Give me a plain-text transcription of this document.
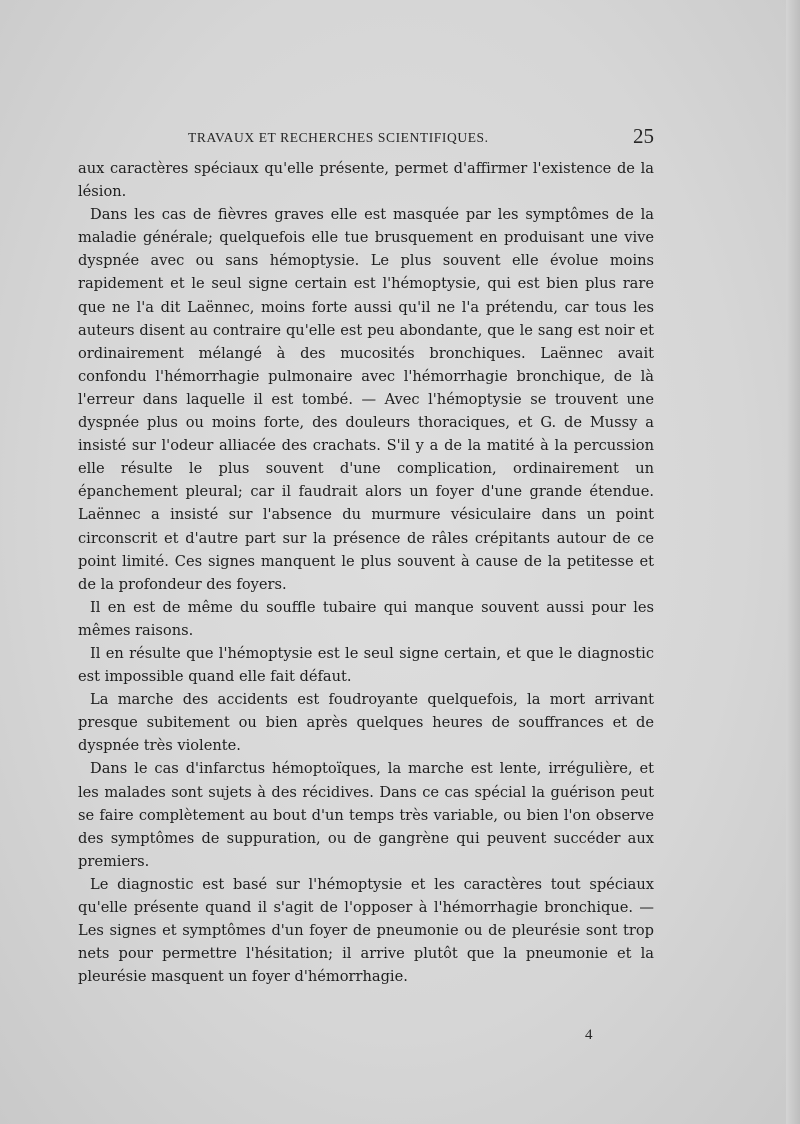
TRAVAUX ET RECHERCHES SCIENTIFIQUES.	25

aux caractères spéciaux qu'elle présente, permet d'affirmer l'existence de la lésion.

Dans les cas de fièvres graves elle est masquée par les symptômes de la maladie générale; quelquefois elle tue brusquement en produisant une vive dyspnée avec ou sans hémoptysie. Le plus souvent elle évolue moins rapidement et le seul signe certain est l'hémoptysie, qui est bien plus rare que ne l'a dit Laënnec, moins forte aussi qu'il ne l'a prétendu, car tous les auteurs disent au contraire qu'elle est peu abondante, que le sang est noir et ordinairement mélangé à des mucosités bronchiques. Laënnec avait confondu l'hémorrhagie pulmonaire avec l'hémorrhagie bronchique, de là l'erreur dans laquelle il est tombé. — Avec l'hémoptysie se trouvent une dyspnée plus ou moins forte, des douleurs thoraciques, et G. de Mussy a insisté sur l'odeur alliacée des crachats. S'il y a de la matité à la percussion elle résulte le plus souvent d'une complication, ordinairement un épanchement pleural; car il faudrait alors un foyer d'une grande étendue. Laënnec a insisté sur l'absence du murmure vésiculaire dans un point circonscrit et d'autre part sur la présence de râles crépitants autour de ce point limité. Ces signes manquent le plus souvent à cause de la petitesse et de la profondeur des foyers.

Il en est de même du souffle tubaire qui manque souvent aussi pour les mêmes raisons.

Il en résulte que l'hémoptysie est le seul signe certain, et que le diagnostic est impossible quand elle fait défaut.

La marche des accidents est foudroyante quelquefois, la mort arrivant presque subitement ou bien après quelques heures de souffrances et de dyspnée très violente.

Dans le cas d'infarctus hémoptoïques, la marche est lente, irrégulière, et les malades sont sujets à des récidives. Dans ce cas spécial la guérison peut se faire complètement au bout d'un temps très variable, ou bien l'on observe des symptômes de suppuration, ou de gangrène qui peuvent succéder aux premiers.

Le diagnostic est basé sur l'hémoptysie et les caractères tout spéciaux qu'elle présente quand il s'agit de l'opposer à l'hémorrhagie bronchique. — Les signes et symptômes d'un foyer de pneumonie ou de pleurésie sont trop nets pour permettre l'hésitation; il arrive plutôt que la pneumonie et la pleurésie masquent un foyer d'hémorrhagie.

4
